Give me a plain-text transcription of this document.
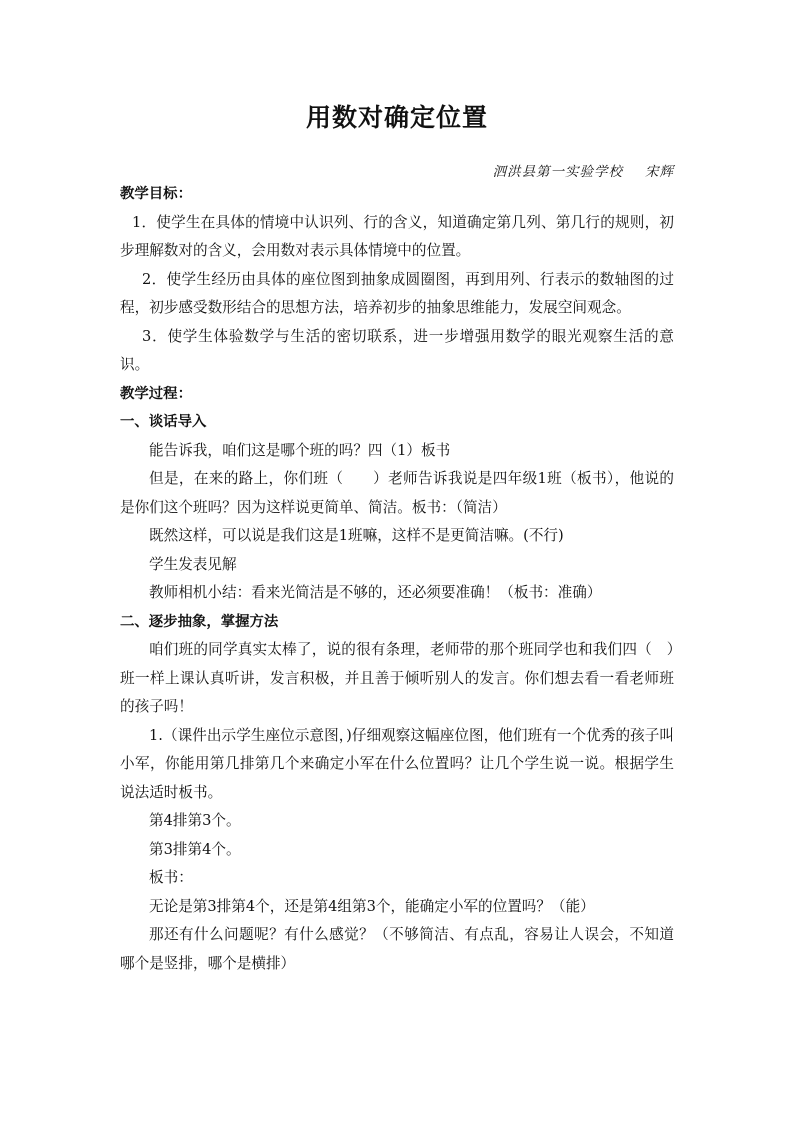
用数对确定位置
泗洪县第一实验学校 宋辉

教学目标：

1．使学生在具体的情境中认识列、行的含义，知道确定第几列、第几行的规则，初步理解数对的含义，会用数对表示具体情境中的位置。

2．使学生经历由具体的座位图到抽象成圆圈图，再到用列、行表示的数轴图的过程，初步感受数形结合的思想方法，培养初步的抽象思维能力，发展空间观念。

3．使学生体验数学与生活的密切联系，进一步增强用数学的眼光观察生活的意识。

教学过程：

一、谈话导入

能告诉我，咱们这是哪个班的吗？四（1）板书

但是，在来的路上，你们班（　　）老师告诉我说是四年级1班（板书），他说的是你们这个班吗？因为这样说更简单、简洁。板书：（简洁）

既然这样，可以说是我们这是1班嘛，这样不是更简洁嘛。(不行)

学生发表见解

教师相机小结：看来光简洁是不够的，还必须要准确！（板书：准确）

二、逐步抽象，掌握方法

咱们班的同学真实太棒了，说的很有条理，老师带的那个班同学也和我们四（　）班一样上课认真听讲，发言积极，并且善于倾听别人的发言。你们想去看一看老师班的孩子吗！

1.（课件出示学生座位示意图，)仔细观察这幅座位图，他们班有一个优秀的孩子叫小军，你能用第几排第几个来确定小军在什么位置吗？让几个学生说一说。根据学生说法适时板书。

第4排第3个。

第3排第4个。

板书：

无论是第3排第4个，还是第4组第3个，能确定小军的位置吗？（能）

那还有什么问题呢？有什么感觉？（不够简洁、有点乱，容易让人误会，不知道哪个是竖排，哪个是横排）
